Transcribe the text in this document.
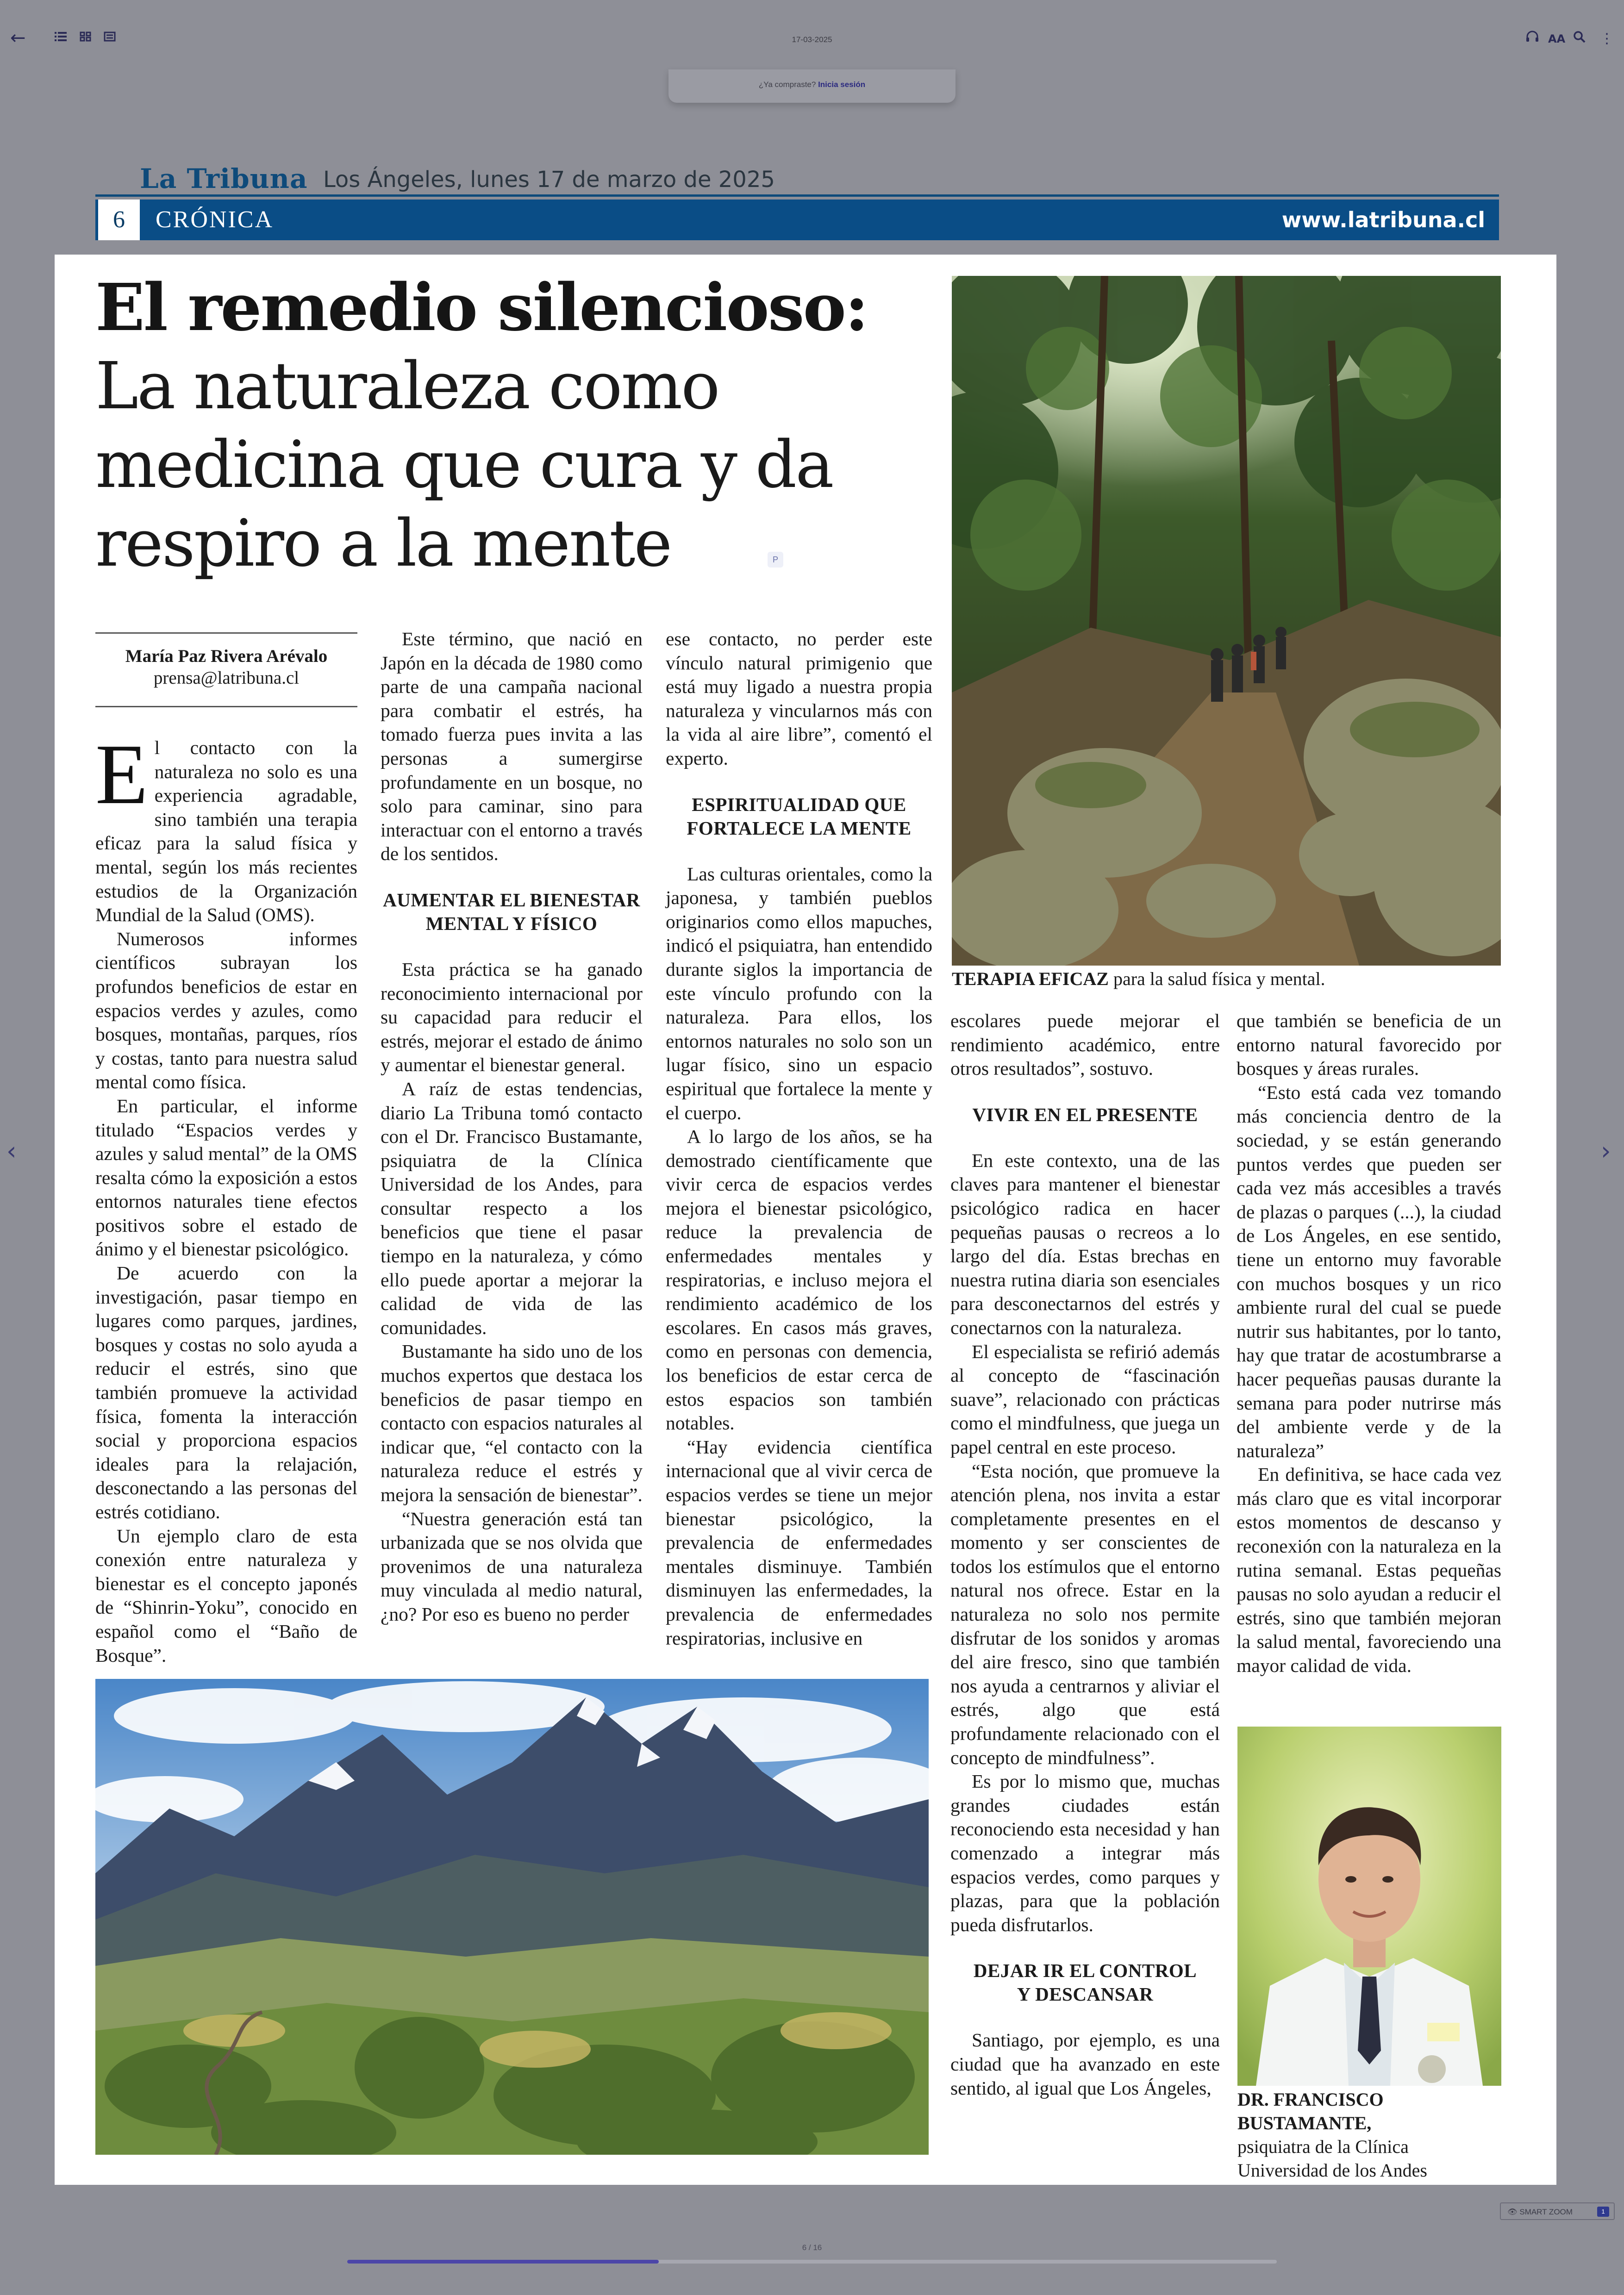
←	17-03-2025	AA ⋮
¿Ya compraste? Inicia sesión
La Tribuna Los Ángeles, lunes 17 de marzo de 2025
6	CRÓNICA	www.latribuna.cl
El remedio silencioso:
La naturaleza como
medicina que cura y da
respiro a la mente	P
María Paz Rivera Arévalo
prensa@latribuna.cl

El contacto con la naturaleza no solo es una experiencia agradable, sino también una terapia eficaz para la salud física y mental, según los más recientes estudios de la Organización Mundial de la Salud (OMS).

Numerosos informes científicos subrayan los profundos beneficios de estar en espacios verdes y azules, como bosques, montañas, parques, ríos y costas, tanto para nuestra salud mental como física.

En particular, el informe titulado “Espacios verdes y azules y salud mental” de la OMS resalta cómo la exposición a estos entornos naturales tiene efectos positivos sobre el estado de ánimo y el bienestar psicológico.

De acuerdo con la investigación, pasar tiempo en lugares como parques, jardines, bosques y costas no solo ayuda a reducir el estrés, sino que también promueve la actividad física, fomenta la interacción social y proporciona espacios ideales para la relajación, desconectando a las personas del estrés cotidiano.

Un ejemplo claro de esta conexión entre naturaleza y bienestar es el concepto japonés de “Shinrin-Yoku”, conocido en español como el “Baño de Bosque”.

Este término, que nació en Japón en la década de 1980 como parte de una campaña nacional para combatir el estrés, ha tomado fuerza pues invita a las personas a sumergirse profundamente en un bosque, no solo para caminar, sino para interactuar con el entorno a través de los sentidos.

AUMENTAR EL BIENESTAR MENTAL Y FÍSICO

Esta práctica se ha ganado reconocimiento internacional por su capacidad para reducir el estrés, mejorar el estado de ánimo y aumentar el bienestar general.

A raíz de estas tendencias, diario La Tribuna tomó contacto con el Dr. Francisco Bustamante, psiquiatra de la Clínica Universidad de los Andes, para consultar respecto a los beneficios que tiene el pasar tiempo en la naturaleza, y cómo ello puede aportar a mejorar la calidad de vida de las comunidades.

Bustamante ha sido uno de los muchos expertos que destaca los beneficios de pasar tiempo en contacto con espacios naturales al indicar que, “el contacto con la naturaleza reduce el estrés y mejora la sensación de bienestar”.

“Nuestra generación está tan urbanizada que se nos olvida que provenimos de una naturaleza muy vinculada al medio natural, ¿no? Por eso es bueno no perder

ese contacto, no perder este vínculo natural primigenio que está muy ligado a nuestra propia naturaleza y vincularnos más con la vida al aire libre”, comentó el experto.

ESPIRITUALIDAD QUE FORTALECE LA MENTE

Las culturas orientales, como la japonesa, y también pueblos originarios como ellos mapuches, indicó el psiquiatra, han entendido durante siglos la importancia de este vínculo profundo con la naturaleza. Para ellos, los entornos naturales no solo son un lugar físico, sino un espacio espiritual que fortalece la mente y el cuerpo.

A lo largo de los años, se ha demostrado científicamente que vivir cerca de espacios verdes mejora el bienestar psicológico, reduce la prevalencia de enfermedades mentales y respiratorias, e incluso mejora el rendimiento académico de los escolares. En casos más graves, como en personas con demencia, los beneficios de estar cerca de estos espacios son también notables.

“Hay evidencia científica internacional que al vivir cerca de espacios verdes se tiene un mejor bienestar psicológico, la prevalencia de enfermedades mentales disminuye. También disminuyen las enfermedades, la prevalencia de enfermedades respiratorias, inclusive en

escolares puede mejorar el rendimiento académico, entre otros resultados”, sostuvo.

VIVIR EN EL PRESENTE

En este contexto, una de las claves para mantener el bienestar psicológico radica en hacer pequeñas pausas o recreos a lo largo del día. Estas brechas en nuestra rutina diaria son esenciales para desconectarnos del estrés y conectarnos con la naturaleza.

El especialista se refirió además al concepto de “fascinación suave”, relacionado con prácticas como el mindfulness, que juega un papel central en este proceso.

“Esta noción, que promueve la atención plena, nos invita a estar completamente presentes en el momento y ser conscientes de todos los estímulos que el entorno natural nos ofrece. Estar en la naturaleza no solo nos permite disfrutar de los sonidos y aromas del aire fresco, sino que también nos ayuda a centrarnos y aliviar el estrés, algo que está profundamente relacionado con el concepto de mindfulness”.

Es por lo mismo que, muchas grandes ciudades están reconociendo esta necesidad y han comenzado a integrar más espacios verdes, como parques y plazas, para que la población pueda disfrutarlos.

DEJAR IR EL CONTROL
Y DESCANSAR

Santiago, por ejemplo, es una ciudad que ha avanzado en este sentido, al igual que Los Ángeles,

que también se beneficia de un entorno natural favorecido por bosques y áreas rurales.

“Esto está cada vez tomando más conciencia dentro de la sociedad, y se están generando puntos verdes que pueden ser cada vez más accesibles a través de plazas o parques (...), la ciudad de Los Ángeles, en ese sentido, tiene un entorno muy favorable con muchos bosques y un rico ambiente rural del cual se puede nutrir sus habitantes, por lo tanto, hay que tratar de acostumbrarse a hacer pequeñas pausas durante la semana para poder nutrirse más del ambiente verde y de la naturaleza”

En definitiva, se hace cada vez más claro que es vital incorporar estos momentos de descanso y reconexión con la naturaleza en la rutina semanal. Estas pequeñas pausas no solo ayudan a reducir el estrés, sino que también mejoran la salud mental, favoreciendo una mayor calidad de vida.

TERAPIA EFICAZ para la salud física y mental.
DR. FRANCISCO BUSTAMANTE,
psiquiatra de la Clínica
Universidad de los Andes
‹	›
👁 SMART ZOOM	1
6 / 16
